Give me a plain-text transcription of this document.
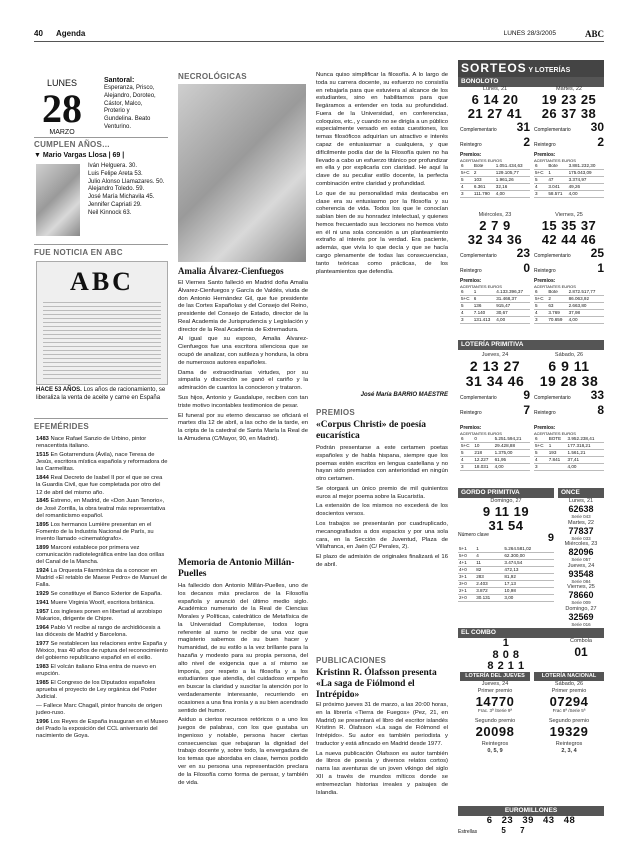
40 Agenda	LUNES 28/3/2005	ABC
LUNES
28
MARZO
Santoral:
Esperanza, Prisco, Alejandro, Doroteo, Cástor, Malco, Proterio y Gundelina. Beato Venturino.
CUMPLEN AÑOS...
▼ Mario Vargas Llosa | 69 |
Iván Helguera. 30.
Luis Felipe Areta 53.
Julio Alonso Llamazares. 50.
Alejandro Toledo. 59.
José María Michavila 45.
Jennifer Capriati 29.
Neil Kinnock 63.
FUE NOTICIA EN ABC
ABC
HACE 53 AÑOS. Los años de racionamiento, se liberaliza la venta de aceite y carne en España
EFEMÉRIDES

1483 Nace Rafael Sanzio de Urbino, pintor renacentista italiano.

1515 En Gotarrendura (Ávila), nace Teresa de Jesús, escritora mística española y reformadora de las Carmelitas.

1844 Real Decreto de Isabel II por el que se crea la Guardia Civil, que fue completada por otro del 12 de abril del mismo año.

1845 Estreno, en Madrid, de «Don Juan Tenorio», de José Zorrilla, la obra teatral más representativa del romanticismo español.

1895 Los hermanos Lumière presentan en el Fomento de la Industria Nacional de París, su invento llamado «cinematógrafo».

1899 Marconi establece por primera vez comunicación radiotelegráfica entre las dos orillas del Canal de la Mancha.

1924 La Orquesta Filarmónica da a conocer en Madrid «El retablo de Maese Pedro» de Manuel de Falla.

1929 Se constituye el Banco Exterior de España.

1941 Muere Virginia Woolf, escritora británica.

1957 Los ingleses ponen en libertad al arzobispo Makarios, dirigente de Chipre.

1964 Pablo VI recibe al rango de archidiócesis a las diócesis de Madrid y Barcelona.

1977 Se restablecen las relaciones entre España y México, tras 40 años de ruptura del reconocimiento del gobierno republicano español en el exilio.

1983 El volcán italiano Etna entra de nuevo en erupción.

1985 El Congreso de los Diputados españoles aprueba el proyecto de Ley orgánica del Poder Judicial.

— Fallece Marc Chagall, pintor francés de origen judeo-ruso.

1996 Los Reyes de España inauguran en el Museo del Prado la exposición del CCL aniversario del nacimiento de Goya.

NECROLÓGICAS
Amalia Álvarez-Cienfuegos

El Viernes Santo falleció en Madrid doña Amalia Álvarez-Cienfuegos y García de Valdés, viuda de don Antonio Hernández Gil, que fue presidente de las Cortes Españolas y del Consejo del Reino, presidente del Consejo de Estado, director de la Real Academia de Jurisprudencia y Legislación y director de la Real Academia de Extremadura.

Al igual que su esposo, Amalia Álvarez-Cienfuegos fue una escritora silenciosa que se ocupó de analizar, con sutileza y hondura, la obra de numerosos autores españoles.

Dama de extraordinarias virtudes, por su simpatía y discreción se ganó el cariño y la admiración de cuantos la conocieron y trataron.

Sus hijos, Antonio y Guadalupe, reciben con tan triste motivo incontables testimonios de pesar.

El funeral por su eterno descanso se oficiará el martes día 12 de abril, a las ocho de la tarde, en la cripta de la catedral de Santa María la Real de la Almudena (C/Mayor, 90, en Madrid).

Memoria de Antonio Millán-Puelles

Ha fallecido don Antonio Millán-Puelles, uno de los decanos más preclaros de la Filosofía española y anunció del último medio siglo. Académico numerario de la Real de Ciencias Morales y Políticas, catedrático de Metafísica de la Universidad Complutense, todos logra referente al sumo te recibir de una voz que magisterio sabemos de su buen hacer y humanidad, de su estilo a la vez brillante para la hazaña y modesto para su propia persona, del alto nivel de exigencia que a sí mismo se imponía, por respeto a la filosofía y a los estudiantes que atendía, del cuidadoso empeño en buscar la claridad y suscitar la atención por lo verdaderamente interesante, recurriendo en ocasiones a una fina ironía y a su bien acendrado sentido del humor.

Asiduo a ciertos recursos retóricos o a uno los juegos de palabras, con los que gustaba un ingenioso y notable, persona hacer ciertas consecuencias que rebajaran la dignidad del trabajo docente y, sobre todo, la envergadura de los temas que abordaba en clase, hemos podido ver en su persona una representación preclara de la Filosofía como forma de pensar, y también de vida.

Nunca quiso simplificar la filosofía. A lo largo de toda su carrera docente, su esfuerzo no consistía en rebajarla para que estuviera al alcance de los estudiantes, sino en habilitarnos para que llegáramos a entender en toda su profundidad. Fuera de la Universidad, en conferencias, coloquios, etc., y cuando no se dirigía a un público especialmente versado en estas cuestiones, los temas filosóficos adquirían un atractivo e interés capaz de entusiasmar a cualquiera, y que difícilmente podía dar de la Filosofía quien no ha llevado a cabo un esfuerzo titánico por profundizar en ella y por explicarla con claridad. He aquí la clave de su peculiar estilo docente, la perfecta combinación entre claridad y profundidad.

Lo que de su personalidad más destacaba en clase era su entusiasmo por la filosofía y su coherencia de vida. Todos los que le conocían sabían bien de su honradez intelectual, y quienes hemos frecuentado sus lecciones no hemos visto en él ni una sola concesión a un planteamiento extraño al interés por la verdad. Era paciente, además, que vivía lo que decía y que se hacía cargo plenamente de todas las consecuencias, tanto teóricas como prácticas, de los planteamientos que defendía.

José María BARRIO MAESTRE
PREMIOS
«Corpus Christi» de poesía eucarística

Podrán presentarse a este certamen poetas españoles y de habla hispana, siempre que los poemas estén escritos en lengua castellana y no hayan sido premiados con anterioridad en ningún otro certamen.

Se otorgará un único premio de mil quinientos euros al mejor poema sobre la Eucaristía.

La extensión de los mismos no excederá de los doscientos versos.

Los trabajos se presentarán por cuadruplicado, mecanografiados a dos espacios y por una sola cara, en la Sección de Juventud, Plaza de Villafranca, en Jaén (C/ Perales, 2).

El plazo de admisión de originales finalizará el 16 de abril.

PUBLICACIONES
Kristinn R. Ólafsson presenta «La saga de Fiólmond el Intrépido»

El próximo jueves 31 de marzo, a las 20:00 horas, en la librería «Tierra de Fuegos» (Pez, 21, en Madrid) se presentará el libro del escritor islandés Kristinn R. Ólafsson «La saga de Fiólmond el Intrépido». Su autor es también periodista y traductor y está afincado en Madrid desde 1977.

La nueva publicación Ólafsson es autor también de libros de poesía y diversos relatos cortos) narra las aventuras de un joven vikingo del siglo XII a través de mundos míticos donde se entremezclan historias irreales y paisajes de Islandia.

SORTEOS Y LOTERÍAS
BONOLOTO
Lunes, 21
6 14 20
21 27 41
Complementario 31
Reintegro	2
Martes, 22
19 23 25
26 37 38
Complementario 30
Reintegro	2
Premios:
ACERTANTES EUROS
6	Bote	1.051.434,63
5+C	2	129.105,77
5	103	1.961,26
4	6.361	32,16
3	111.790	4,00
Premios:
ACERTANTES EUROS
6	Bote	3.881.232,30
5+C	1	175.043,09
5	47	3.374,97
4	3.041	49,26
3	58.571	4,00
Miércoles, 23
2 7 9
32 34 36
Complementario 23
Reintegro	0
Viernes, 25
15 35 37
42 44 46
Complementario 25
Reintegro	1
Premios:
ACERTANTES EUROS
6	1	4.133.396,37
5+C	6	31.468,37
5	136	915,47
4	7.140	30,67
3	131.413	4,00
Premios:
ACERTANTES EUROS
6	Bote	2.872.517,77
5+C	2	86.063,92
5	63	2.663,80
4	3.769	37,98
3	70.659	4,00
LOTERÍA PRIMITIVA
Jueves, 24
2 13 27
31 34 46
Complementario 9
Reintegro	7
Sábado, 26
6 9 11
19 28 38
Complementario 33
Reintegro	8
Premios:
ACERTANTES EUROS
6	0	5.251.594,21
5+C	10	29.428,88
5	218	1.375,00
4	12.227	61,95
3	18.031	4,00
Premios:
ACERTANTES EUROS
6	BOTE	3.952.238,41
5+C	1	177.318,21
5	193	1.561,21
4	7.841	37,41
3		4,00
GORDO PRIMITIVA
Domingo, 27
9 11 19
31 54
Número clave	9
5+1	1	5.264.581,02
5+0	4	62.300,00
4+1	11	3.474,54
4+0	82	472,13
3+1	283	81,92
3+0	2.403	17,13
2+1	3.872	10,98
2+0	30.131	3,00
ONCE
Lunes, 21
62638
Serie 043
Martes, 22
77837
Serie 033
Miércoles, 23
82096
Serie 057
Jueves, 24
93548
Serie 084
Viernes, 25
78660
Serie 009
Domingo, 27
32569
Serie 016
EL COMBO
1
8 0 8
8 2 1 1
Combola
01
LOTERÍA DEL JUEVES
Jueves, 24
Primer premio
14770
Frac. 3ª /Serie 9ª
Segundo premio
20098
Reintegros
0, 5, 9
LOTERÍA NACIONAL
Sábado, 26
Primer premio
07294
Frac 8ª /Serie 5ª
Segundo premio
19329
Reintegros
2, 3, 4
EUROMILLONES
6 23 39 43 48
Estrellas 5 7
